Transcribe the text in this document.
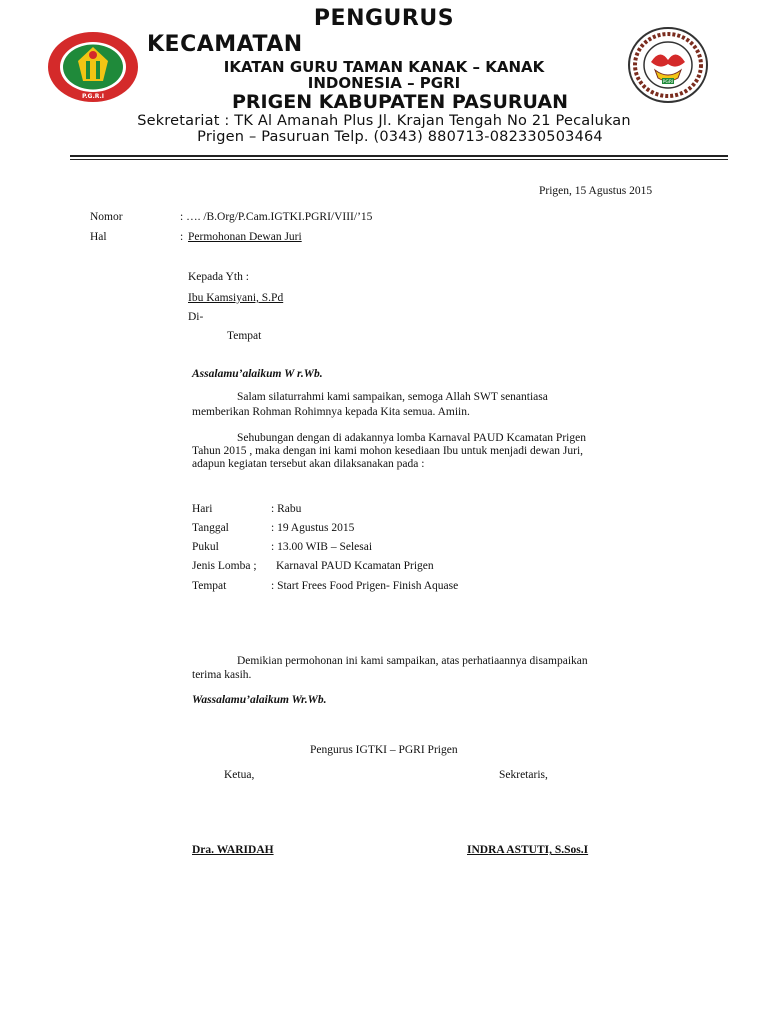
P.G.R.I
PGRI
PENGURUS
KECAMATAN
IKATAN GURU TAMAN KANAK – KANAK
INDONESIA – PGRI
PRIGEN KABUPATEN PASURUAN
Sekretariat : TK Al Amanah Plus Jl. Krajan Tengah No 21 Pecalukan
Prigen – Pasuruan Telp. (0343) 880713-082330503464
Prigen, 15 Agustus 2015
Nomor	: …. /B.Org/P.Cam.IGTKI.PGRI/VIII/’15
Hal	: Permohonan Dewan Juri
Kepada Yth :
Ibu Kamsiyani, S.Pd
Di-
Tempat
Assalamu’alaikum W r.Wb.
Salam silaturrahmi kami sampaikan, semoga Allah SWT senantiasa
memberikan Rohman Rohimnya kepada Kita semua. Amiin.
Sehubungan dengan di adakannya lomba Karnaval PAUD Kcamatan Prigen
Tahun 2015 , maka dengan ini kami mohon kesediaan Ibu untuk menjadi dewan Juri,
adapun kegiatan tersebut akan dilaksanakan pada :
Hari	: Rabu
Tanggal	: 19 Agustus 2015
Pukul	: 13.00 WIB – Selesai
Jenis Lomba ; Karnaval PAUD Kcamatan Prigen
Tempat	: Start Frees Food Prigen- Finish Aquase
Demikian permohonan ini kami sampaikan, atas perhatiaannya disampaikan
terima kasih.
Wassalamu’alaikum Wr.Wb.
Pengurus IGTKI – PGRI Prigen
Ketua,	Sekretaris,
Dra. WARIDAH	INDRA ASTUTI, S.Sos.I
